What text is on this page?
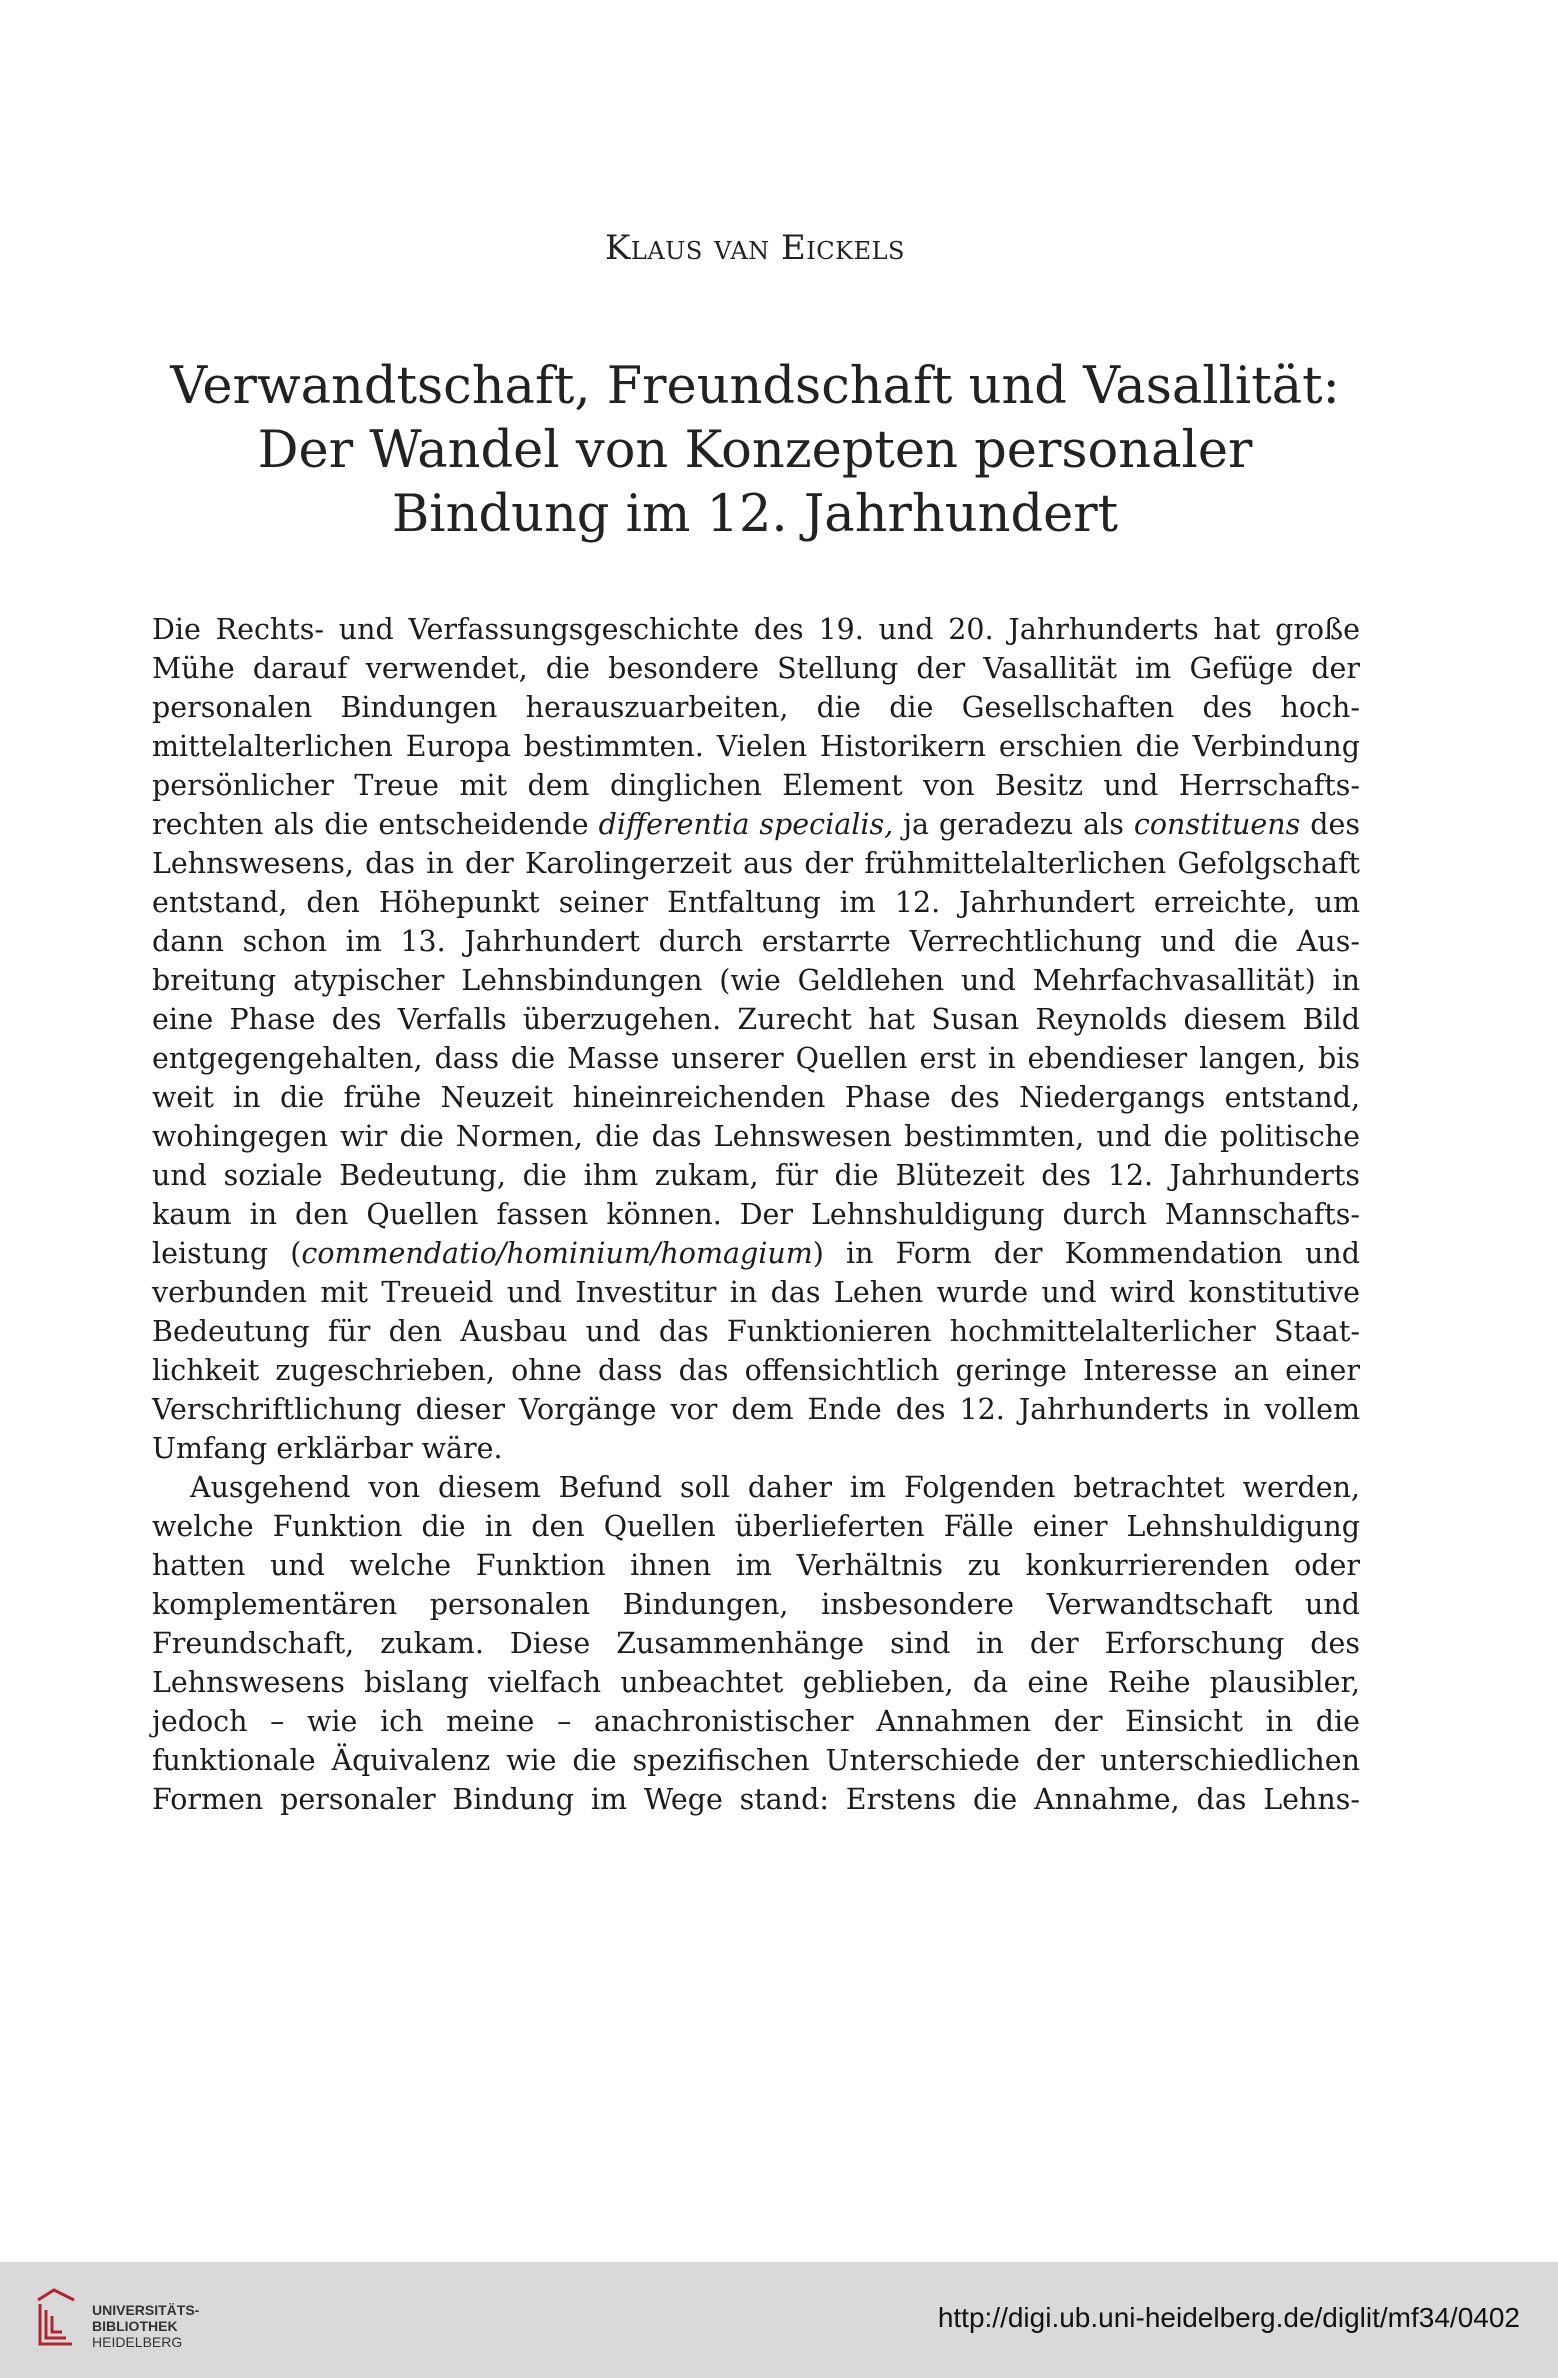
Klaus van Eickels
Verwandtschaft, Freundschaft und Vasallität:
Der Wandel von Konzepten personaler
Bindung im 12. Jahrhundert

Die Rechts- und Verfassungsgeschichte des 19. und 20. Jahrhunderts hat große
Mühe darauf verwendet, die besondere Stellung der Vasallität im Gefüge der
personalen Bindungen herauszuarbeiten, die die Gesellschaften des hoch-
mittelalterlichen Europa bestimmten. Vielen Historikern erschien die Verbindung
persönlicher Treue mit dem dinglichen Element von Besitz und Herrschafts-
rechten als die entscheidende differentia specialis, ja geradezu als constituens des
Lehnswesens, das in der Karolingerzeit aus der frühmittelalterlichen Gefolgschaft
entstand, den Höhepunkt seiner Entfaltung im 12. Jahrhundert erreichte, um
dann schon im 13. Jahrhundert durch erstarrte Verrechtlichung und die Aus-
breitung atypischer Lehnsbindungen (wie Geldlehen und Mehrfachvasallität) in
eine Phase des Verfalls überzugehen. Zurecht hat Susan Reynolds diesem Bild
entgegengehalten, dass die Masse unserer Quellen erst in ebendieser langen, bis
weit in die frühe Neuzeit hineinreichenden Phase des Niedergangs entstand,
wohingegen wir die Normen, die das Lehnswesen bestimmten, und die politische
und soziale Bedeutung, die ihm zukam, für die Blütezeit des 12. Jahrhunderts
kaum in den Quellen fassen können. Der Lehnshuldigung durch Mannschafts-
leistung (commendatio/hominium/homagium) in Form der Kommendation und
verbunden mit Treueid und Investitur in das Lehen wurde und wird konstitutive
Bedeutung für den Ausbau und das Funktionieren hochmittelalterlicher Staat-
lichkeit zugeschrieben, ohne dass das offensichtlich geringe Interesse an einer
Verschriftlichung dieser Vorgänge vor dem Ende des 12. Jahrhunderts in vollem
Umfang erklärbar wäre.

Ausgehend von diesem Befund soll daher im Folgenden betrachtet werden,
welche Funktion die in den Quellen überlieferten Fälle einer Lehnshuldigung
hatten und welche Funktion ihnen im Verhältnis zu konkurrierenden oder
komplementären personalen Bindungen, insbesondere Verwandtschaft und
Freundschaft, zukam. Diese Zusammenhänge sind in der Erforschung des
Lehnswesens bislang vielfach unbeachtet geblieben, da eine Reihe plausibler,
jedoch – wie ich meine – anachronistischer Annahmen der Einsicht in die
funktionale Äquivalenz wie die spezifischen Unterschiede der unterschiedlichen
Formen personaler Bindung im Wege stand: Erstens die Annahme, das Lehns-

UNIVERSITÄTS-
BIBLIOTHEK
HEIDELBERG
http://digi.ub.uni-heidelberg.de/diglit/mf34/0402
